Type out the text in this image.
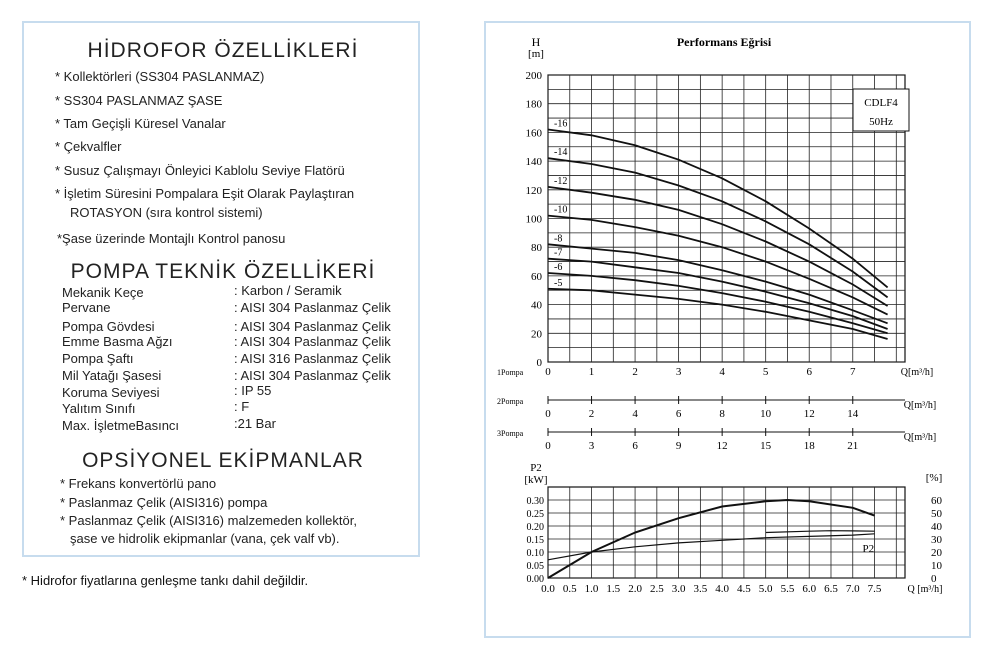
HİDROFOR ÖZELLİKLERİ
* Kollektörleri (SS304 PASLANMAZ)
* SS304 PASLANMAZ ŞASE
* Tam Geçişli Küresel Vanalar
* Çekvalfler
* Susuz Çalışmayı Önleyici Kablolu Seviye Flatörü
* İşletim Süresini Pompalara Eşit Olarak Paylaştıran
ROTASYON (sıra kontrol sistemi)
*Şase üzerinde Montajlı Kontrol panosu
POMPA TEKNİK ÖZELLİKERİ
Mekanik Keçe	: Karbon / Seramik
Pervane	: AISI 304 Paslanmaz Çelik
Pompa Gövdesi	: AISI 304 Paslanmaz Çelik
Emme Basma Ağzı	: AISI 304 Paslanmaz Çelik
Pompa Şaftı	: AISI 316 Paslanmaz Çelik
Mil Yatağı Şasesi	: AISI 304 Paslanmaz Çelik
Koruma Seviyesi	: IP 55
Yalıtım Sınıfı	: F
Max. İşletmeBasıncı	:21 Bar
OPSİYONEL EKİPMANLAR
* Frekans konvertörlü pano
* Paslanmaz Çelik (AISI316) pompa
* Paslanmaz Çelik (AISI316) malzemeden kollektör,
şase ve hidrolik ekipmanlar (vana, çek valf vb).
* Hidrofor fiyatlarına genleşme tankı dahil değildir.
Performans Eğrisi
H
[m]
0
20
40
60
80
100
120
140
160
180
200
-16
-14
-12
-10
-8
-7
-6
-5
CDLF4
50Hz
1Pompa 0	1	2	3	4	5	6	7	Q[m³/h]
2Pompa
0	2	4	6	8	10	12	14
Q[m³/h]
3Pompa
0	3	6	9	12	15	18	21
Q[m³/h]
0
10
20
30
40
50
60
0.00
0.05
0.10
0.15
0.20
0.25
0.30
0.0 0.5 1.0 1.5 2.0 2.5 3.0 3.5 4.0 4.5 5.0 5.5 6.0 6.5 7.0 7.5
P2
[kW]	[%]
Q [m³/h]
P2
